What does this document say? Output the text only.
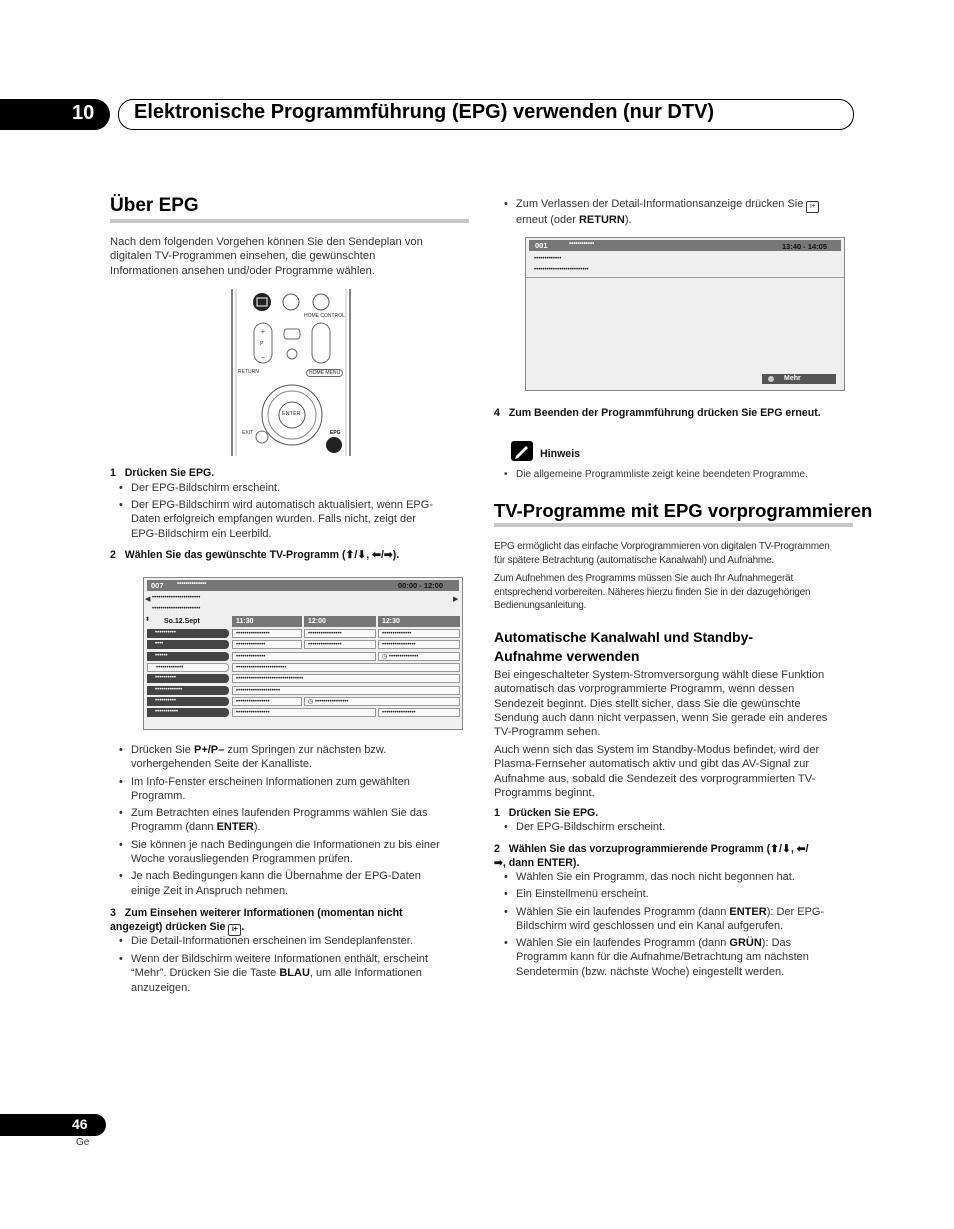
10 Elektronische Programmführung (EPG) verwenden (nur DTV)
Über EPG
Nach dem folgenden Vorgehen können Sie den Sendeplan von
digitalen TV-Programmen einsehen, die gewünschten
Informationen ansehen und/oder Programme wählen.
+
−
HOME CONTROL
P
RETURN	HOME MENU
ENTER
EXIT	EPG
1 Drücken Sie EPG.
• Der EPG-Bildschirm erscheint.
• Der EPG-Bildschirm wird automatisch aktualisiert, wenn EPG-
Daten erfolgreich empfangen wurden. Falls nicht, zeigt der
EPG-Bildschirm ein Leerbild.
2 Wählen Sie das gewünschte TV-Programm (⬆/⬇, ⬅/➡).
007 ••••••••••••••	00:00 - 12:00
◀ •••••••••••••••••••••••	▶
•••••••••••••••••••••••
⬍ So.12.Sept	11:30	12:00	12:30
••••••••••	••••••••••••••••	••••••••••••••••	••••••••••••••
••••	••••••••••••••	••••••••••••••••	••••••••••••••••
••••••	••••••••••••••	◷ ••••••••••••••
•••••••••••••	••••••••••••••••••••••••
••••••••••	••••••••••••••••••••••••••••••••
•••••••••••••	•••••••••••••••••••••
••••••••••	••••••••••••••••	◷ ••••••••••••••••
•••••••••••	••••••••••••••••	••••••••••••••••
• Drücken Sie P+/P– zum Springen zur nächsten bzw.
vorhergehenden Seite der Kanalliste.
• Im Info-Fenster erscheinen Informationen zum gewählten
Programm.
• Zum Betrachten eines laufenden Programms wählen Sie das
Programm (dann ENTER).
• Sie können je nach Bedingungen die Informationen zu bis einer
Woche vorausliegenden Programmen prüfen.
• Je nach Bedingungen kann die Übernahme der EPG-Daten
einige Zeit in Anspruch nehmen.
3 Zum Einsehen weiterer Informationen (momentan nicht
angezeigt) drücken Sie i+ .
• Die Detail-Informationen erscheinen im Sendeplanfenster.
• Wenn der Bildschirm weitere Informationen enthält, erscheint
“Mehr”. Drücken Sie die Taste BLAU, um alle Informationen
anzuzeigen.
• Zum Verlassen der Detail-Informationsanzeige drücken Sie i+
erneut (oder RETURN).
001	••••••••••••	13:40 - 14:05
•••••••••••••
••••••••••••••••••••••••••
Mehr
4 Zum Beenden der Programmführung drücken Sie EPG erneut.
Hinweis
• Die allgemeine Programmliste zeigt keine beendeten Programme.
TV-Programme mit EPG vorprogrammieren
EPG ermöglicht das einfache Vorprogrammieren von digitalen TV-Programmen
für spätere Betrachtung (automatische Kanalwahl) und Aufnahme.
Zum Aufnehmen des Programms müssen Sie auch Ihr Aufnahmegerät
entsprechend vorbereiten. Näheres hierzu finden Sie in der dazugehörigen
Bedienungsanleitung.
Automatische Kanalwahl und Standby-
Aufnahme verwenden
Bei eingeschalteter System-Stromversorgung wählt diese Funktion
automatisch das vorprogrammierte Programm, wenn dessen
Sendezeit beginnt. Dies stellt sicher, dass Sie die gewünschte
Sendung auch dann nicht verpassen, wenn Sie gerade ein anderes
TV-Programm sehen.
Auch wenn sich das System im Standby-Modus befindet, wird der
Plasma-Fernseher automatisch aktiv und gibt das AV-Signal zur
Aufnahme aus, sobald die Sendezeit des vorprogrammierten TV-
Programms beginnt.
1 Drücken Sie EPG.
• Der EPG-Bildschirm erscheint.
2 Wählen Sie das vorzuprogrammierende Programm (⬆/⬇, ⬅/
➡, dann ENTER).
• Wählen Sie ein Programm, das noch nicht begonnen hat.
• Ein Einstellmenü erscheint.
• Wählen Sie ein laufendes Programm (dann ENTER): Der EPG-
Bildschirm wird geschlossen und ein Kanal aufgerufen.
• Wählen Sie ein laufendes Programm (dann GRÜN): Das
Programm kann für die Aufnahme/Betrachtung am nächsten
Sendetermin (bzw. nächste Woche) eingestellt werden.
46
Ge
